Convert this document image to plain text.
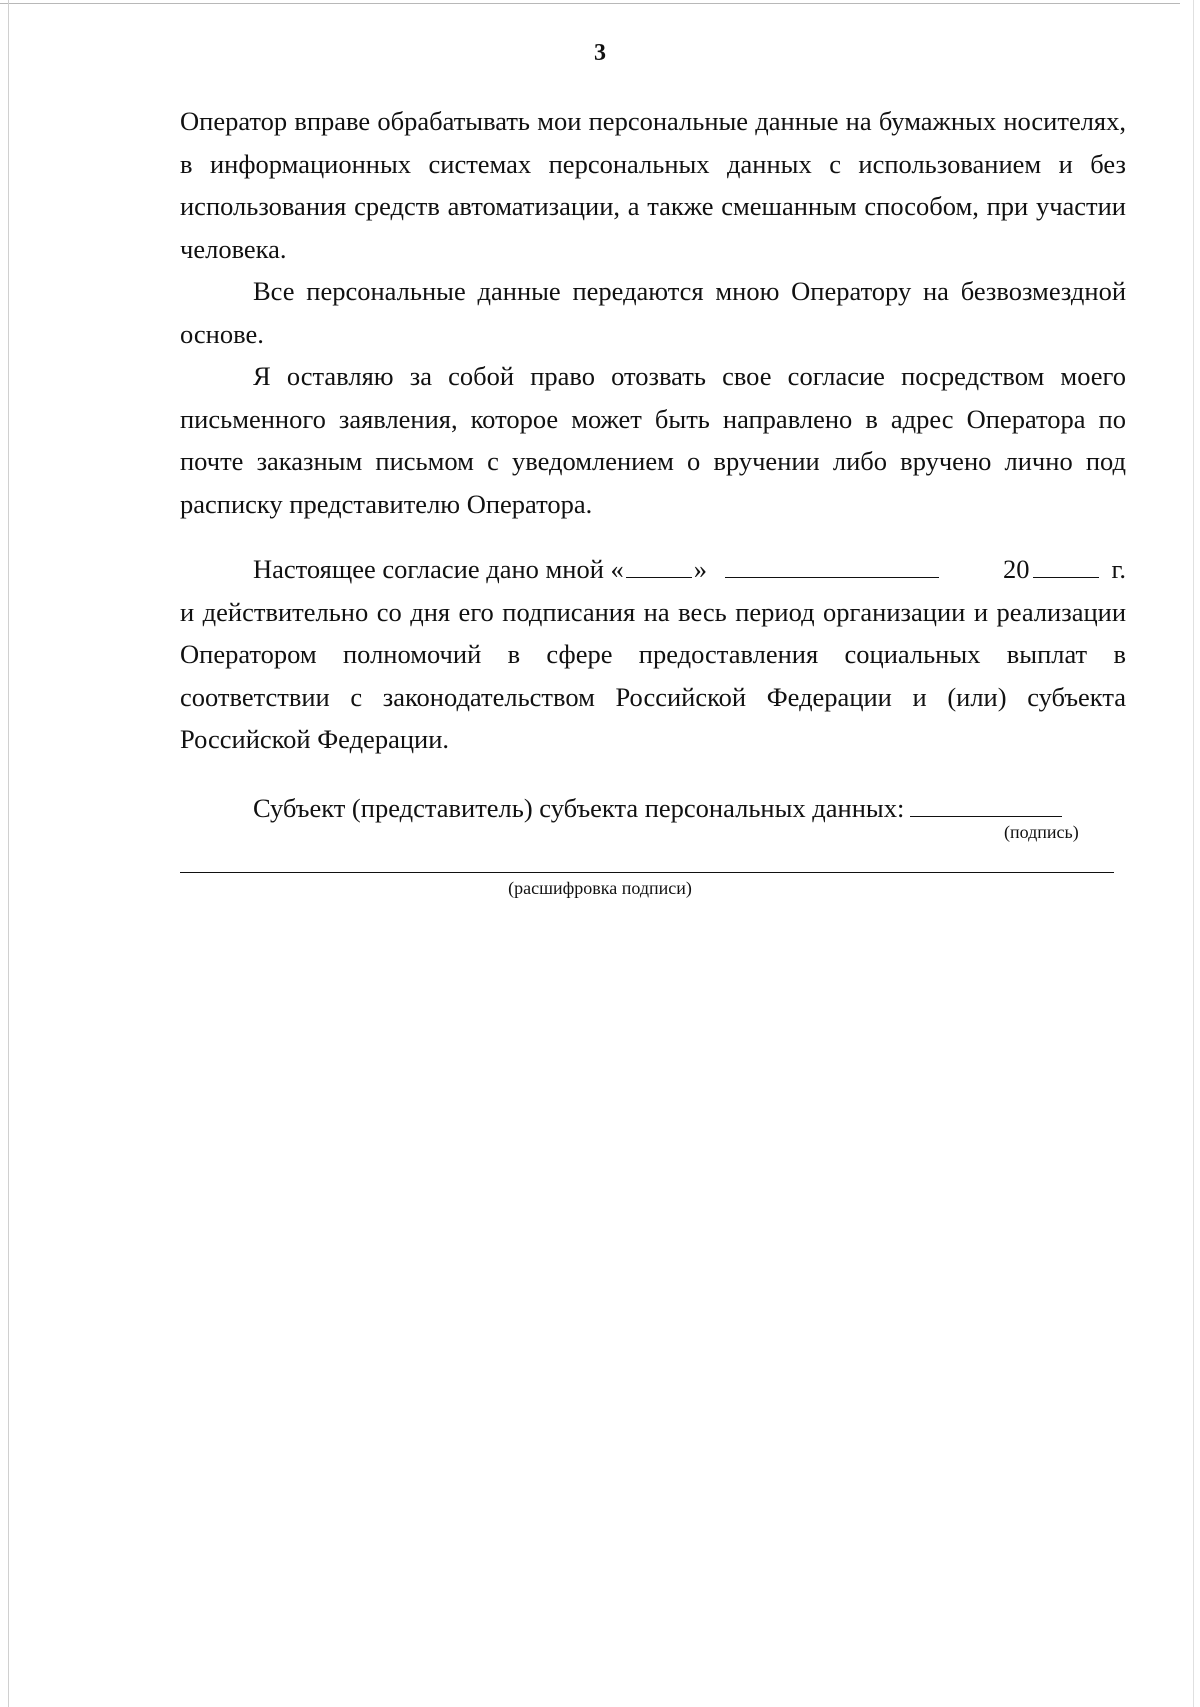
3

Оператор вправе обрабатывать мои персональные данные на бумажных носителях, в информационных системах персональных данных с использованием и без использования средств автоматизации, а также смешанным способом, при участии человека.

Все персональные данные передаются мною Оператору на безвозмездной основе.

Я оставляю за собой право отозвать свое согласие посредством моего письменного заявления, которое может быть направлено в адрес Оператора по почте заказным письмом с уведомлением о вручении либо вручено лично под расписку представителю Оператора.

Настоящее согласие дано мной «	»	20	г.

и действительно со дня его подписания на весь период организации и реализации Оператором полномочий в сфере предоставления социальных выплат в соответствии с законодательством Российской Федерации и (или) субъекта Российской Федерации.

Субъект (представитель) субъекта персональных данных:
(подпись)
(расшифровка подписи)
